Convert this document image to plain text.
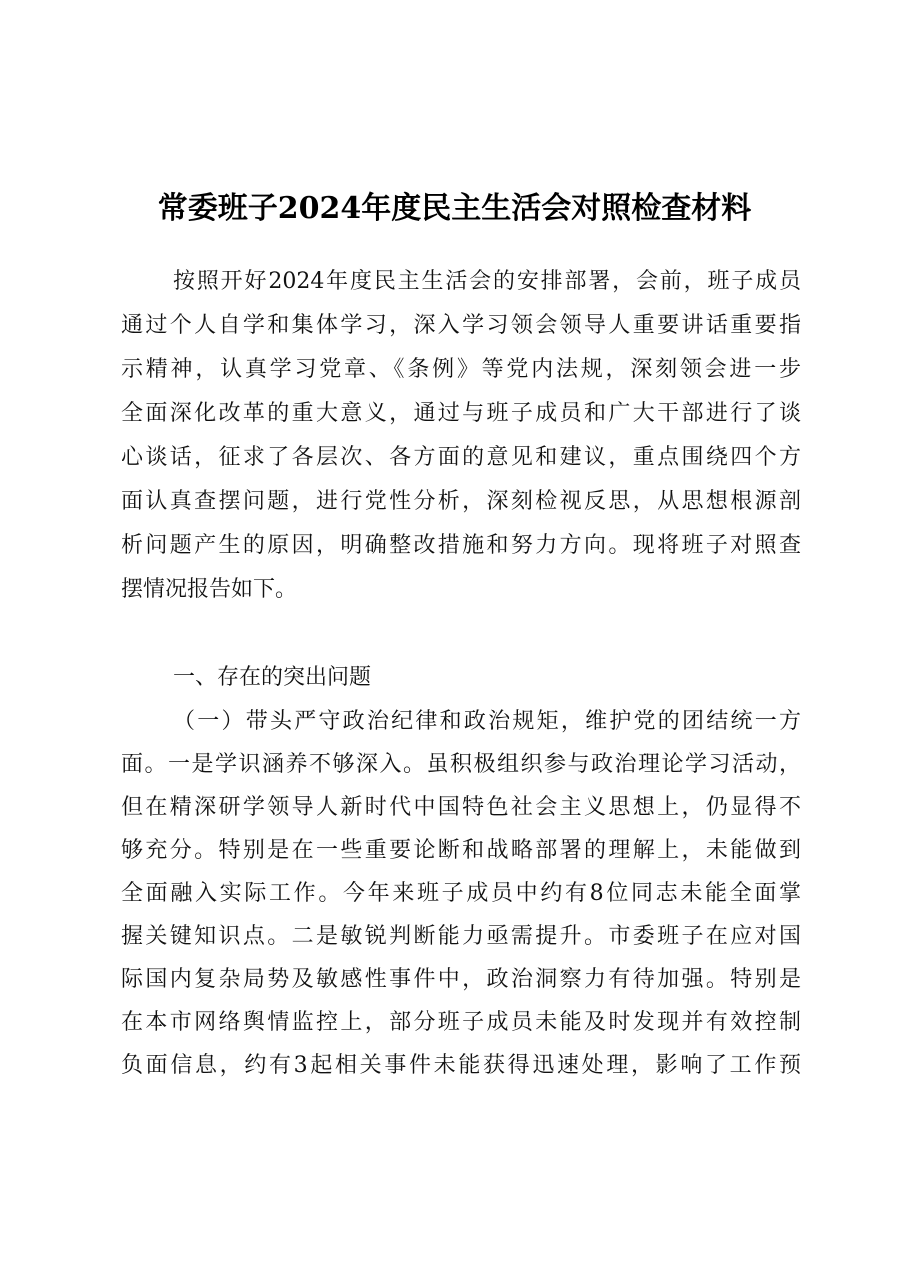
常委班子2024年度民主生活会对照检查材料
按照开好2024年度民主生活会的安排部署，会前，班子成员
通过个人自学和集体学习，深入学习领会领导人重要讲话重要指
示精神，认真学习党章、《条例》等党内法规，深刻领会进一步
全面深化改革的重大意义，通过与班子成员和广大干部进行了谈
心谈话，征求了各层次、各方面的意见和建议，重点围绕四个方
面认真查摆问题，进行党性分析，深刻检视反思，从思想根源剖
析问题产生的原因，明确整改措施和努力方向。现将班子对照查
摆情况报告如下。
一、存在的突出问题
（一）带头严守政治纪律和政治规矩，维护党的团结统一方
面。一是学识涵养不够深入。虽积极组织参与政治理论学习活动，
但在精深研学领导人新时代中国特色社会主义思想上，仍显得不
够充分。特别是在一些重要论断和战略部署的理解上，未能做到
全面融入实际工作。今年来班子成员中约有8位同志未能全面掌
握关键知识点。二是敏锐判断能力亟需提升。市委班子在应对国
际国内复杂局势及敏感性事件中，政治洞察力有待加强。特别是
在本市网络舆情监控上，部分班子成员未能及时发现并有效控制
负面信息，约有3起相关事件未能获得迅速处理，影响了工作预
